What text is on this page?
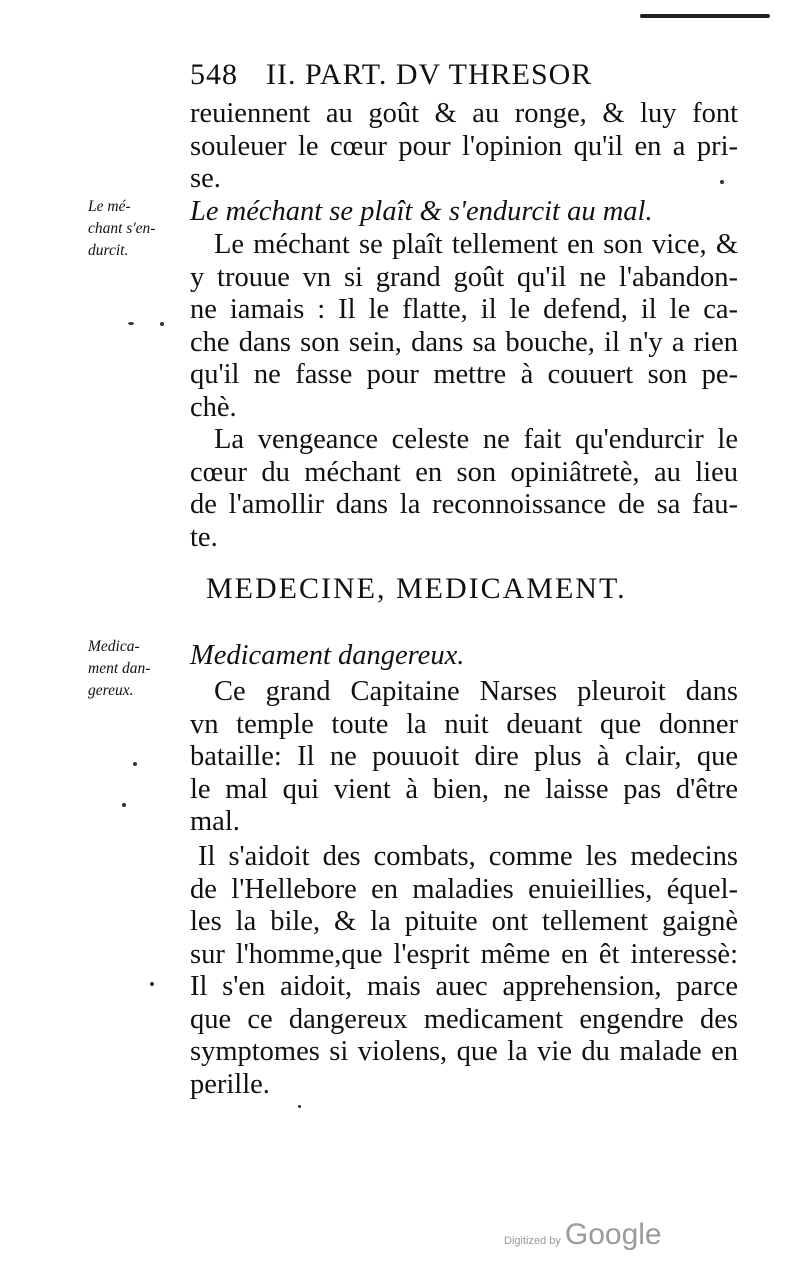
548 II. PART. DV THRESOR
reuiennent au goût & au ronge, & luy font
souleuer le cœur pour l'opinion qu'il en a pri-
se.
Le mé-
chant s'en-
durcit.
Le méchant se plaît & s'endurcit au mal.
Le méchant se plaît tellement en son vice, &
y trouue vn si grand goût qu'il ne l'abandon-
ne iamais : Il le flatte, il le defend, il le ca-
che dans son sein, dans sa bouche, il n'y a rien
qu'il ne fasse pour mettre à couuert son pe-
chè.
La vengeance celeste ne fait qu'endurcir le
cœur du méchant en son opiniâtretè, au lieu
de l'amollir dans la reconnoissance de sa fau-
te.
MEDECINE, MEDICAMENT.
Medica-
ment dan-
gereux.
Medicament dangereux.
Ce grand Capitaine Narses pleuroit dans
vn temple toute la nuit deuant que donner
bataille: Il ne pouuoit dire plus à clair, que
le mal qui vient à bien, ne laisse pas d'être
mal.
Il s'aidoit des combats, comme les medecins
de l'Hellebore en maladies enuieillies, équel-
les la bile, & la pituite ont tellement gaignè
sur l'homme,que l'esprit même en êt interessè:
Il s'en aidoit, mais auec apprehension, parce
que ce dangereux medicament engendre des
symptomes si violens, que la vie du malade en
perille.
Digitized by Google
